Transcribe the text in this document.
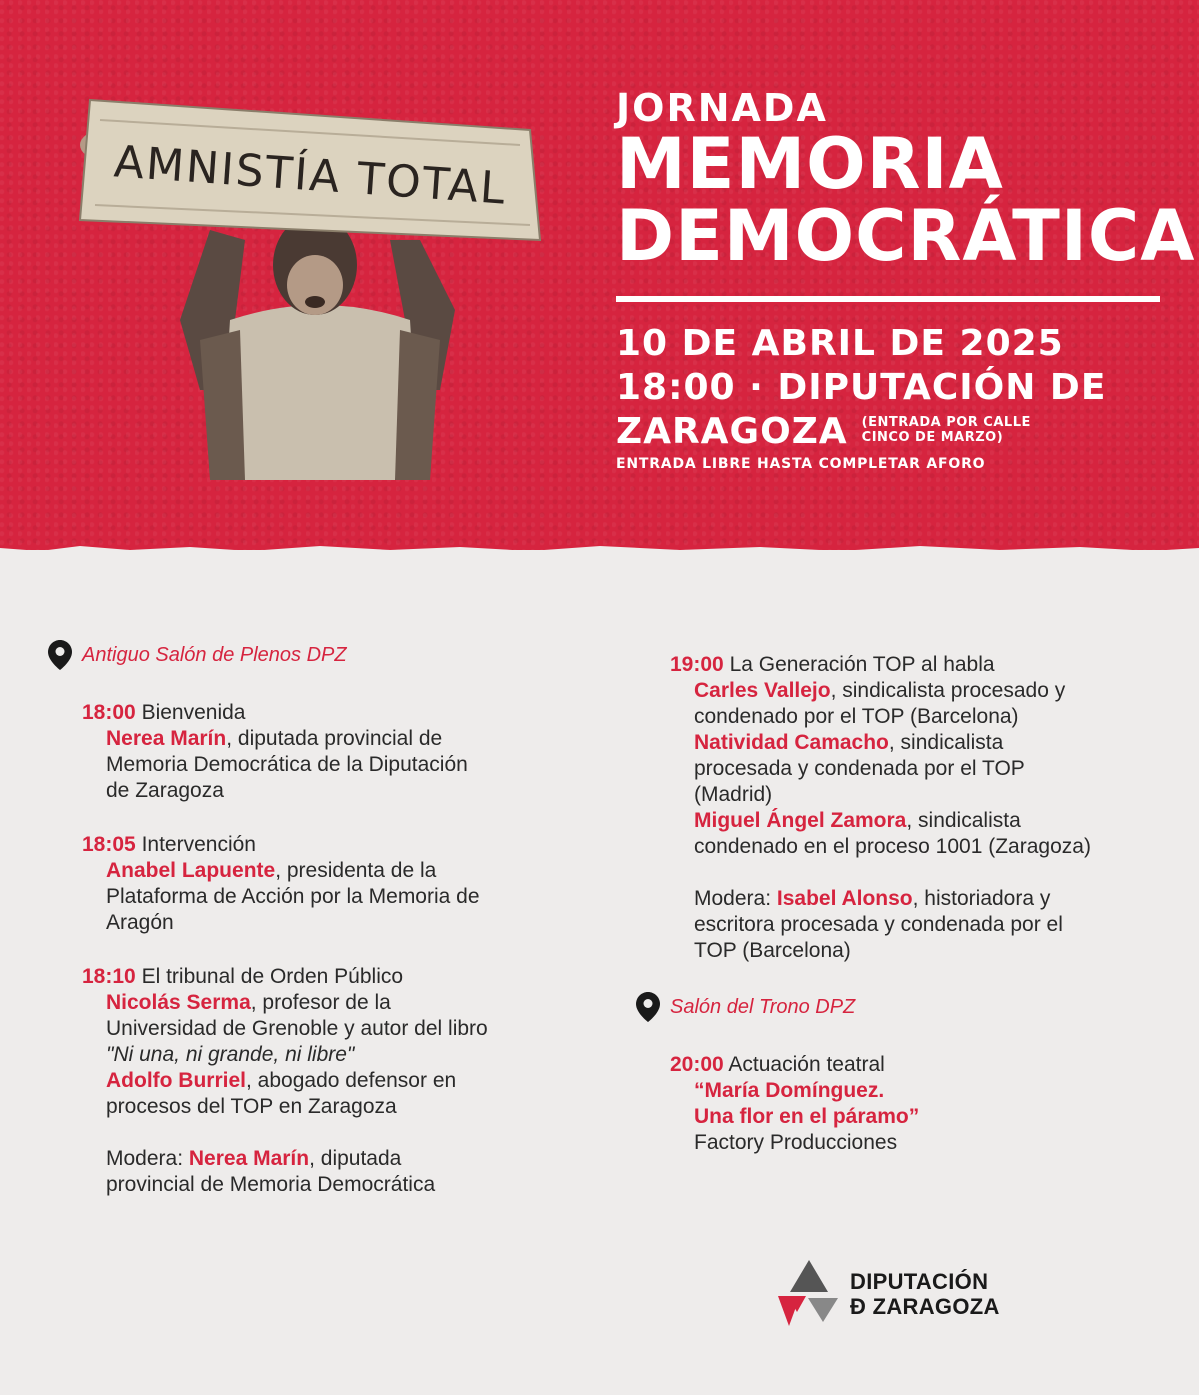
AMNISTÍA TOTAL
JORNADA
MEMORIA
DEMOCRÁTICA
10 DE ABRIL DE 2025
18:00 · DIPUTACIÓN DE
ZARAGOZA (ENTRADA POR CALLE
CINCO DE MARZO)
ENTRADA LIBRE HASTA COMPLETAR AFORO
Antiguo Salón de Plenos DPZ
18:00 Bienvenida
Nerea Marín, diputada provincial de
Memoria Democrática de la Diputación
de Zaragoza
18:05 Intervención
Anabel Lapuente, presidenta de la
Plataforma de Acción por la Memoria de
Aragón
18:10 El tribunal de Orden Público
Nicolás Serma, profesor de la
Universidad de Grenoble y autor del libro
"Ni una, ni grande, ni libre"
Adolfo Burriel, abogado defensor en
procesos del TOP en Zaragoza
Modera: Nerea Marín, diputada
provincial de Memoria Democrática
19:00 La Generación TOP al habla
Carles Vallejo, sindicalista procesado y
condenado por el TOP (Barcelona)
Natividad Camacho, sindicalista
procesada y condenada por el TOP
(Madrid)
Miguel Ángel Zamora, sindicalista
condenado en el proceso 1001 (Zaragoza)
Modera: Isabel Alonso, historiadora y
escritora procesada y condenada por el
TOP (Barcelona)
Salón del Trono DPZ
20:00 Actuación teatral
“María Domínguez.
Una flor en el páramo”
Factory Producciones
DIPUTACIÓN
Ð ZARAGOZA
